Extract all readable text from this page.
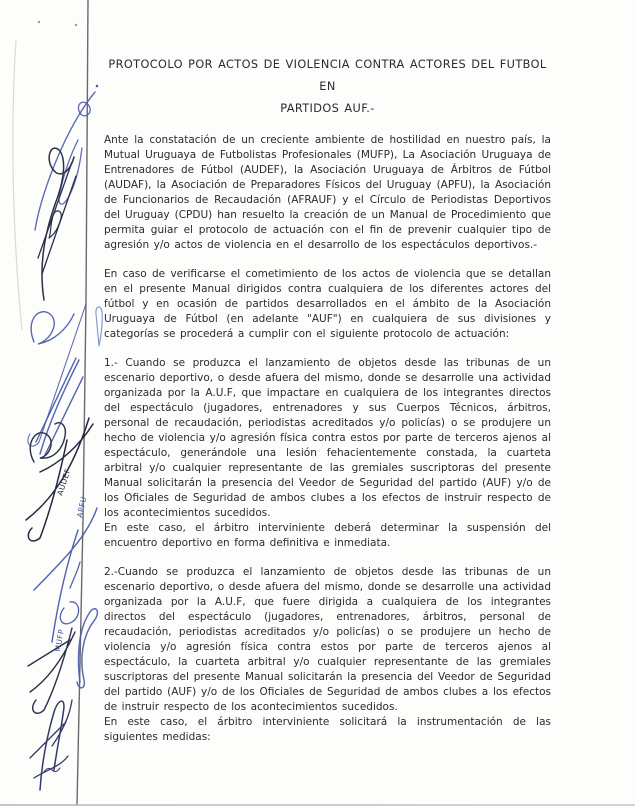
AUDEF
APFU
MUFP
PROTOCOLO POR ACTOS DE VIOLENCIA CONTRA ACTORES DEL FUTBOL EN
PARTIDOS AUF.-

Ante la constatación de un creciente ambiente de hostilidad en nuestro país, la Mutual Uruguaya de Futbolistas Profesionales (MUFP), La Asociación Uruguaya de Entrenadores de Fútbol (AUDEF), la Asociación Uruguaya de Árbitros de Fútbol (AUDAF), la Asociación de Preparadores Físicos del Uruguay (APFU), la Asociación de Funcionarios de Recaudación (AFRAUF) y el Círculo de Periodistas Deportivos del Uruguay (CPDU) han resuelto la creación de un Manual de Procedimiento que permita guiar el protocolo de actuación con el fin de prevenir cualquier tipo de agresión y/o actos de violencia en el desarrollo de los espectáculos deportivos.-

En caso de verificarse el cometimiento de los actos de violencia que se detallan en el presente Manual dirigidos contra cualquiera de los diferentes actores del fútbol y en ocasión de partidos desarrollados en el ámbito de la Asociación Uruguaya de Fútbol (en adelante "AUF") en cualquiera de sus divisiones y categorías se procederá a cumplir con el siguiente protocolo de actuación:

1.- Cuando se produzca el lanzamiento de objetos desde las tribunas de un escenario deportivo, o desde afuera del mismo, donde se desarrolle una actividad organizada por la A.U.F, que impactare en cualquiera de los integrantes directos del espectáculo (jugadores, entrenadores y sus Cuerpos Técnicos, árbitros, personal de recaudación, periodistas acreditados y/o policías) o se produjere un hecho de violencia y/o agresión física contra estos por parte de terceros ajenos al espectáculo, generándole una lesión fehacientemente constada, la cuarteta arbitral y/o cualquier representante de las gremiales suscriptoras del presente Manual solicitarán la presencia del Veedor de Seguridad del partido (AUF) y/o de los Oficiales de Seguridad de ambos clubes a los efectos de instruir respecto de los acontecimientos sucedidos.

En este caso, el árbitro interviniente deberá determinar la suspensión del encuentro deportivo en forma definitiva e inmediata.

2.-Cuando se produzca el lanzamiento de objetos desde las tribunas de un escenario deportivo, o desde afuera del mismo, donde se desarrolle una actividad organizada por la A.U.F, que fuere dirigida a cualquiera de los integrantes directos del espectáculo (jugadores, entrenadores, árbitros, personal de recaudación, periodistas acreditados y/o policías) o se produjere un hecho de violencia y/o agresión física contra estos por parte de terceros ajenos al espectáculo, la cuarteta arbitral y/o cualquier representante de las gremiales suscriptoras del presente Manual solicitarán la presencia del Veedor de Seguridad del partido (AUF) y/o de los Oficiales de Seguridad de ambos clubes a los efectos de instruir respecto de los acontecimientos sucedidos.

En este caso, el árbitro interviniente solicitará la instrumentación de las siguientes medidas:
